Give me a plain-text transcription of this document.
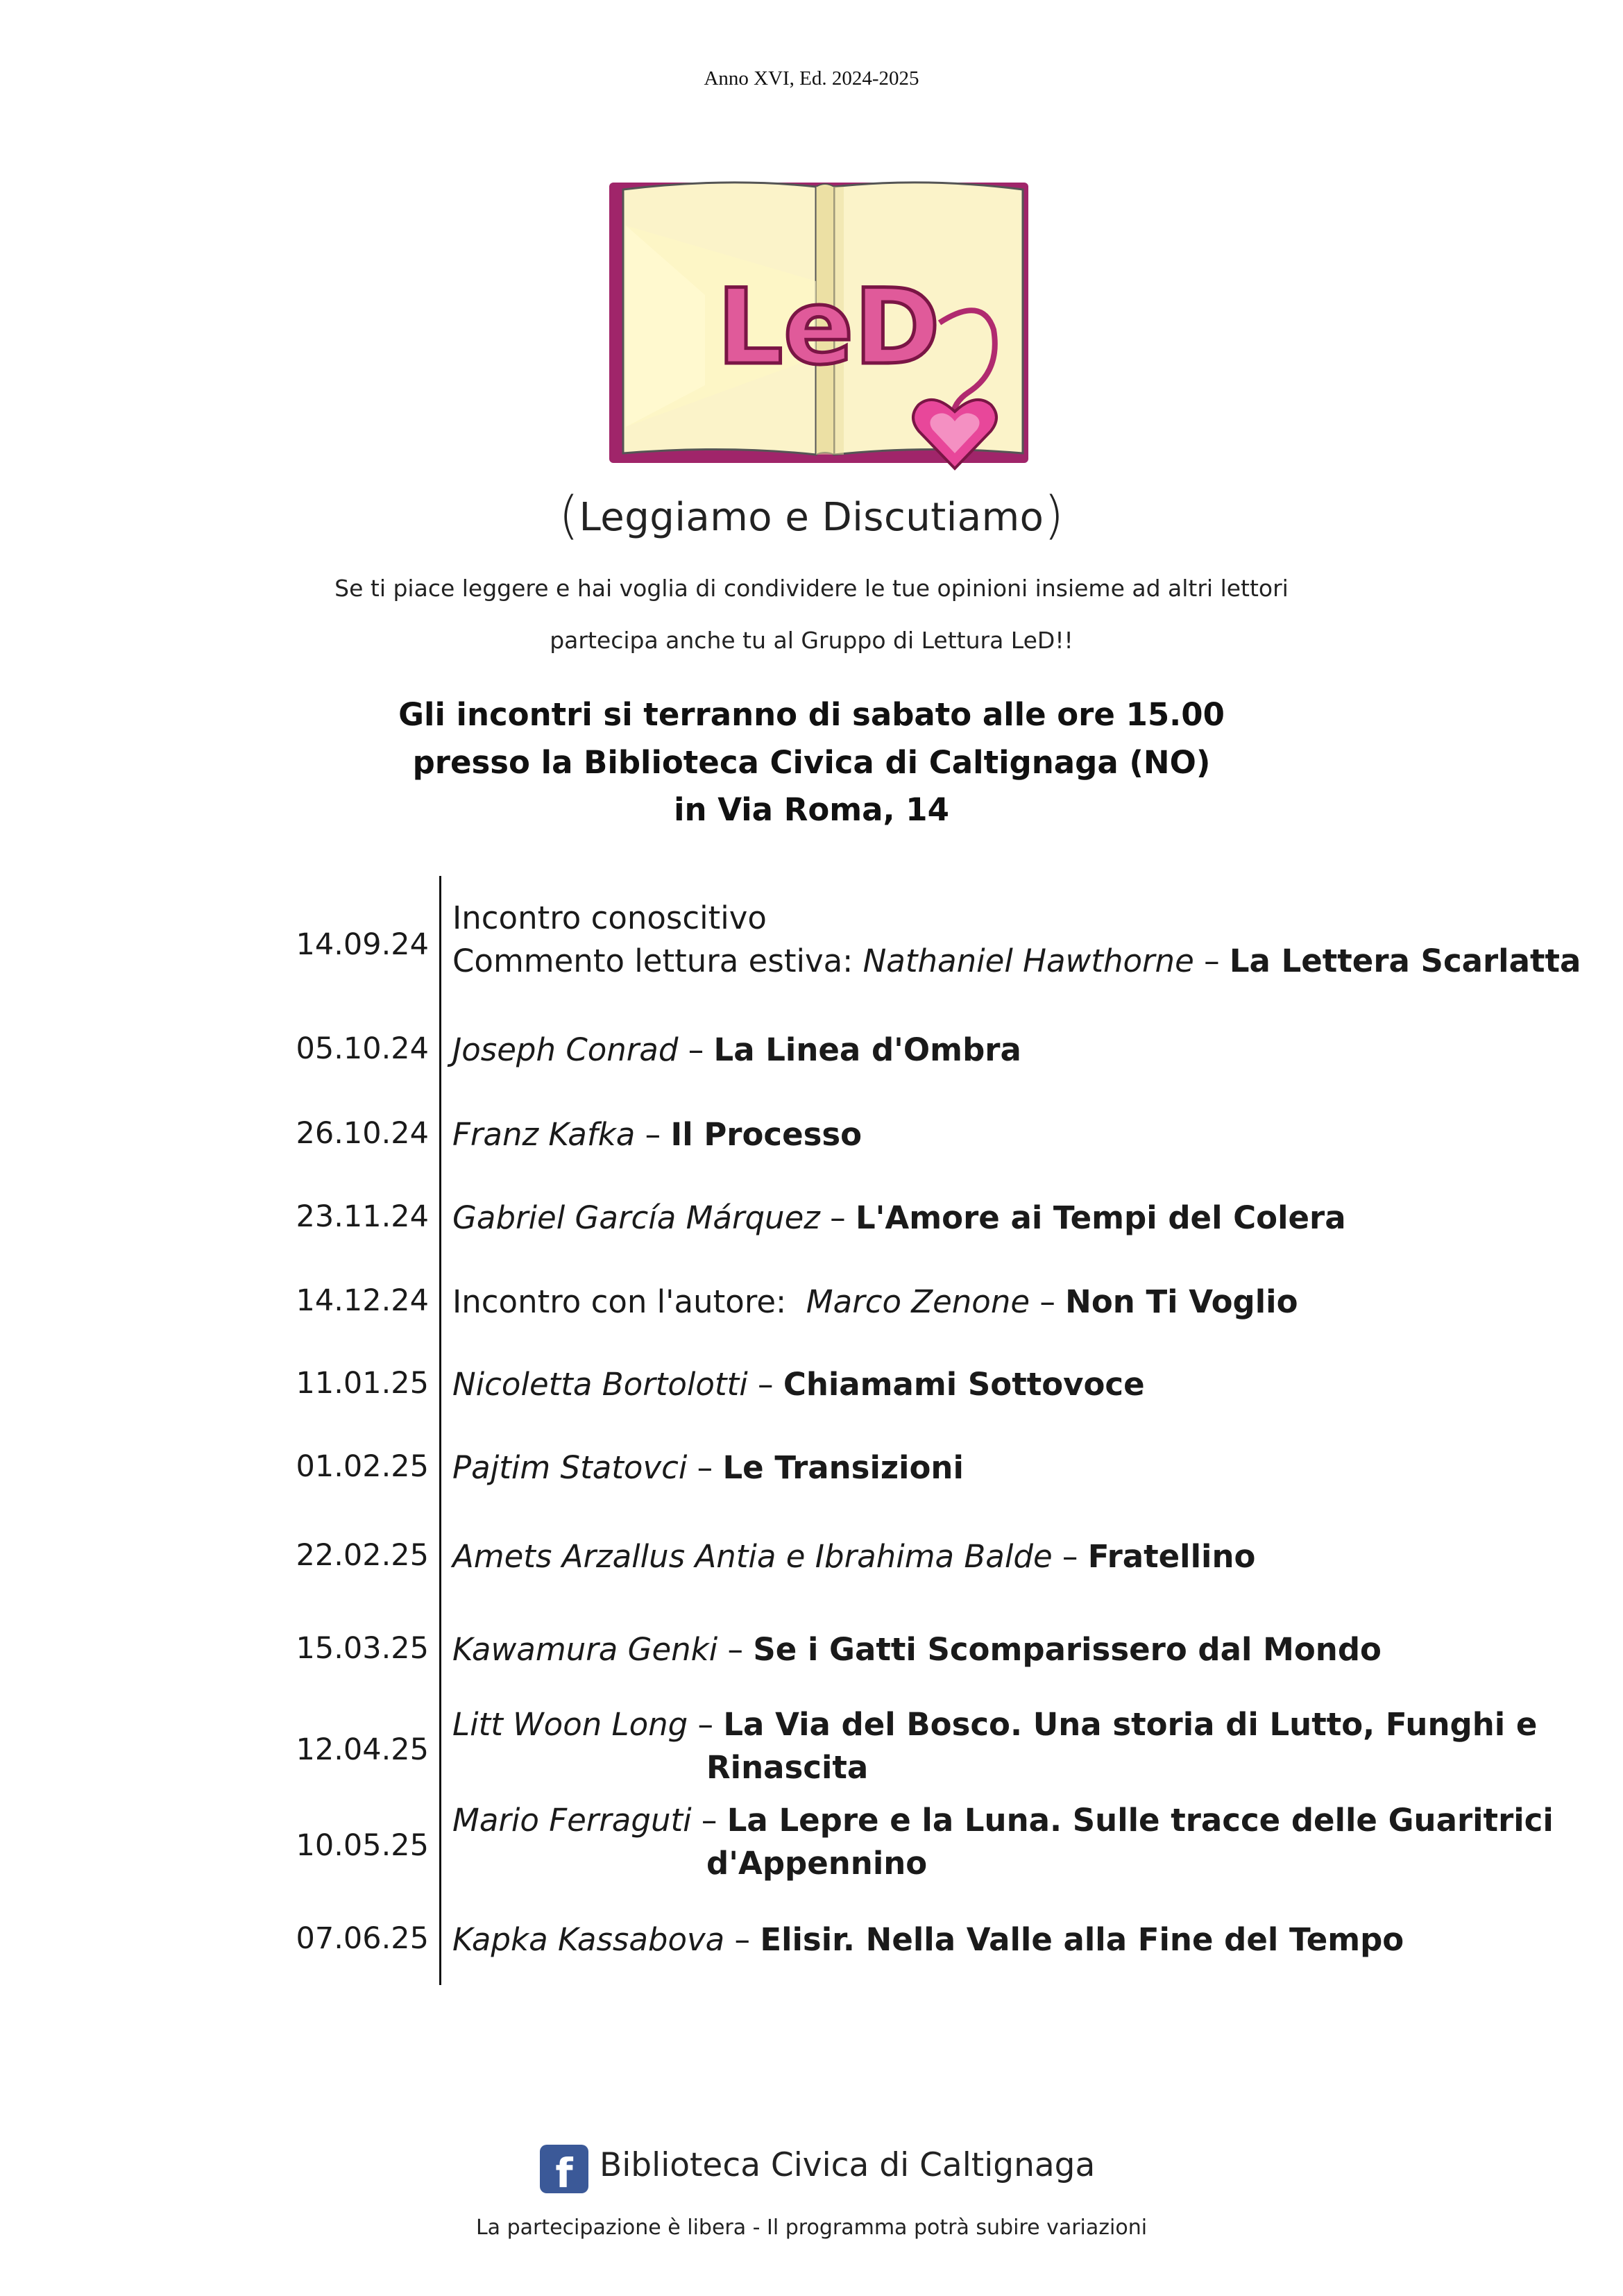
Anno XVI, Ed. 2024-2025
LeD
(Leggiamo e Discutiamo)
Se ti piace leggere e hai voglia di condividere le tue opinioni insieme ad altri lettori
partecipa anche tu al Gruppo di Lettura LeD!!
Gli incontri si terranno di sabato alle ore 15.00
presso la Biblioteca Civica di Caltignaga (NO)
in Via Roma, 14
14.09.24
Incontro conoscitivo
Commento lettura estiva: Nathaniel Hawthorne – La Lettera Scarlatta
05.10.24 Joseph Conrad – La Linea d'Ombra
26.10.24 Franz Kafka – Il Processo
23.11.24 Gabriel García Márquez – L'Amore ai Tempi del Colera
14.12.24 Incontro con l'autore:  Marco Zenone – Non Ti Voglio
11.01.25 Nicoletta Bortolotti – Chiamami Sottovoce
01.02.25 Pajtim Statovci – Le Transizioni
22.02.25 Amets Arzallus Antia e Ibrahima Balde – Fratellino
15.03.25 Kawamura Genki – Se i Gatti Scomparissero dal Mondo
12.04.25
Litt Woon Long – La Via del Bosco. Una storia di Lutto, Funghi e
Rinascita
10.05.25
Mario Ferraguti – La Lepre e la Luna. Sulle tracce delle Guaritrici
d'Appennino
07.06.25 Kapka Kassabova – Elisir. Nella Valle alla Fine del Tempo
f Biblioteca Civica di Caltignaga
La partecipazione è libera - Il programma potrà subire variazioni
